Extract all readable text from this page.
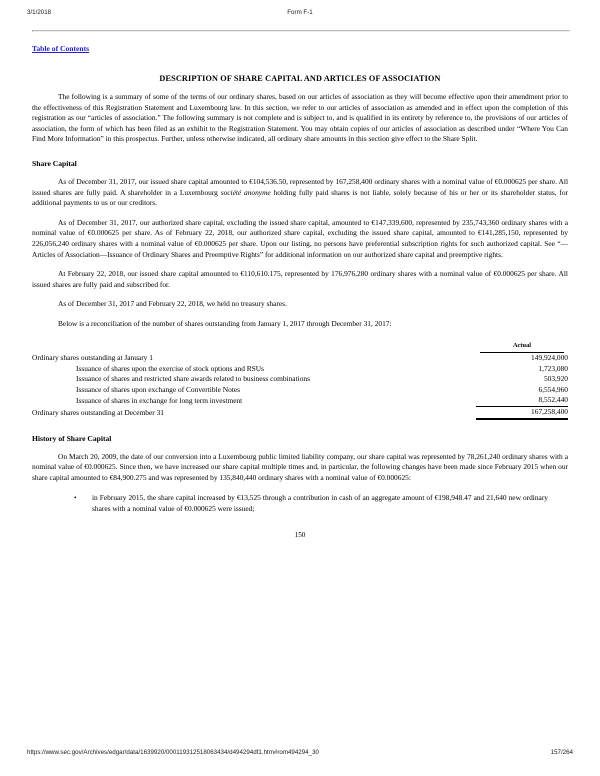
3/1/2018	Form F-1
Table of Contents
DESCRIPTION OF SHARE CAPITAL AND ARTICLES OF ASSOCIATION

The following is a summary of some of the terms of our ordinary shares, based on our articles of association as they will become effective upon their amendment prior to the effectiveness of this Registration Statement and Luxembourg law. In this section, we refer to our articles of association as amended and in effect upon the completion of this registration as our “articles of association.” The following summary is not complete and is subject to, and is qualified in its entirety by reference to, the provisions of our articles of association, the form of which has been filed as an exhibit to the Registration Statement. You may obtain copies of our articles of association as described under “Where You Can Find More Information” in this prospectus. Further, unless otherwise indicated, all ordinary share amounts in this section give effect to the Share Split.

Share Capital

As of December 31, 2017, our issued share capital amounted to €104,536.50, represented by 167,258,400 ordinary shares with a nominal value of €0.000625 per share. All issued shares are fully paid. A shareholder in a Luxembourg société anonyme holding fully paid shares is not liable, solely because of his or her or its shareholder status, for additional payments to us or our creditors.

As of December 31, 2017, our authorized share capital, excluding the issued share capital, amounted to €147,339,600, represented by 235,743,360 ordinary shares with a nominal value of €0.000625 per share. As of February 22, 2018, our authorized share capital, excluding the issued share capital, amounted to €141,285,150, represented by 226,056,240 ordinary shares with a nominal value of €0.000625 per share. Upon our listing, no persons have preferential subscription rights for such authorized capital. See “—Articles of Association—Issuance of Ordinary Shares and Preemptive Rights” for additional information on our authorized share capital and preemptive rights.

At February 22, 2018, our issued share capital amounted to €110,610.175, represented by 176,976,280 ordinary shares with a nominal value of €0.000625 per share. All issued shares are fully paid and subscribed for.

As of December 31, 2017 and February 22, 2018, we held no treasury shares.

Below is a reconciliation of the number of shares outstanding from January 1, 2017 through December 31, 2017:

	Actual
Ordinary shares outstanding at January 1	149,924,000
Issuance of shares upon the exercise of stock options and RSUs	1,723,080
Issuance of shares and restricted share awards related to business combinations	503,920
Issuance of shares upon exchange of Convertible Notes	6,554,960
Issuance of shares in exchange for long term investment	8,552,440
Ordinary shares outstanding at December 31	167,258,400
History of Share Capital

On March 20, 2009, the date of our conversion into a Luxembourg public limited liability company, our share capital was represented by 78,261,240 ordinary shares with a nominal value of €0.000625. Since then, we have increased our share capital multiple times and, in particular, the following changes have been made since February 2015 when our share capital amounted to €84,900.275 and was represented by 135,840,440 ordinary shares with a nominal value of €0.000625:

• in February 2015, the share capital increased by €13,525 through a contribution in cash of an aggregate amount of €198,948.47 and 21,640 new ordinary shares with a nominal value of €0.000625 were issued;
150
https://www.sec.gov/Archives/edgar/data/1639920/000119312518063434/d494294df1.htm#rom494294_30	157/264
